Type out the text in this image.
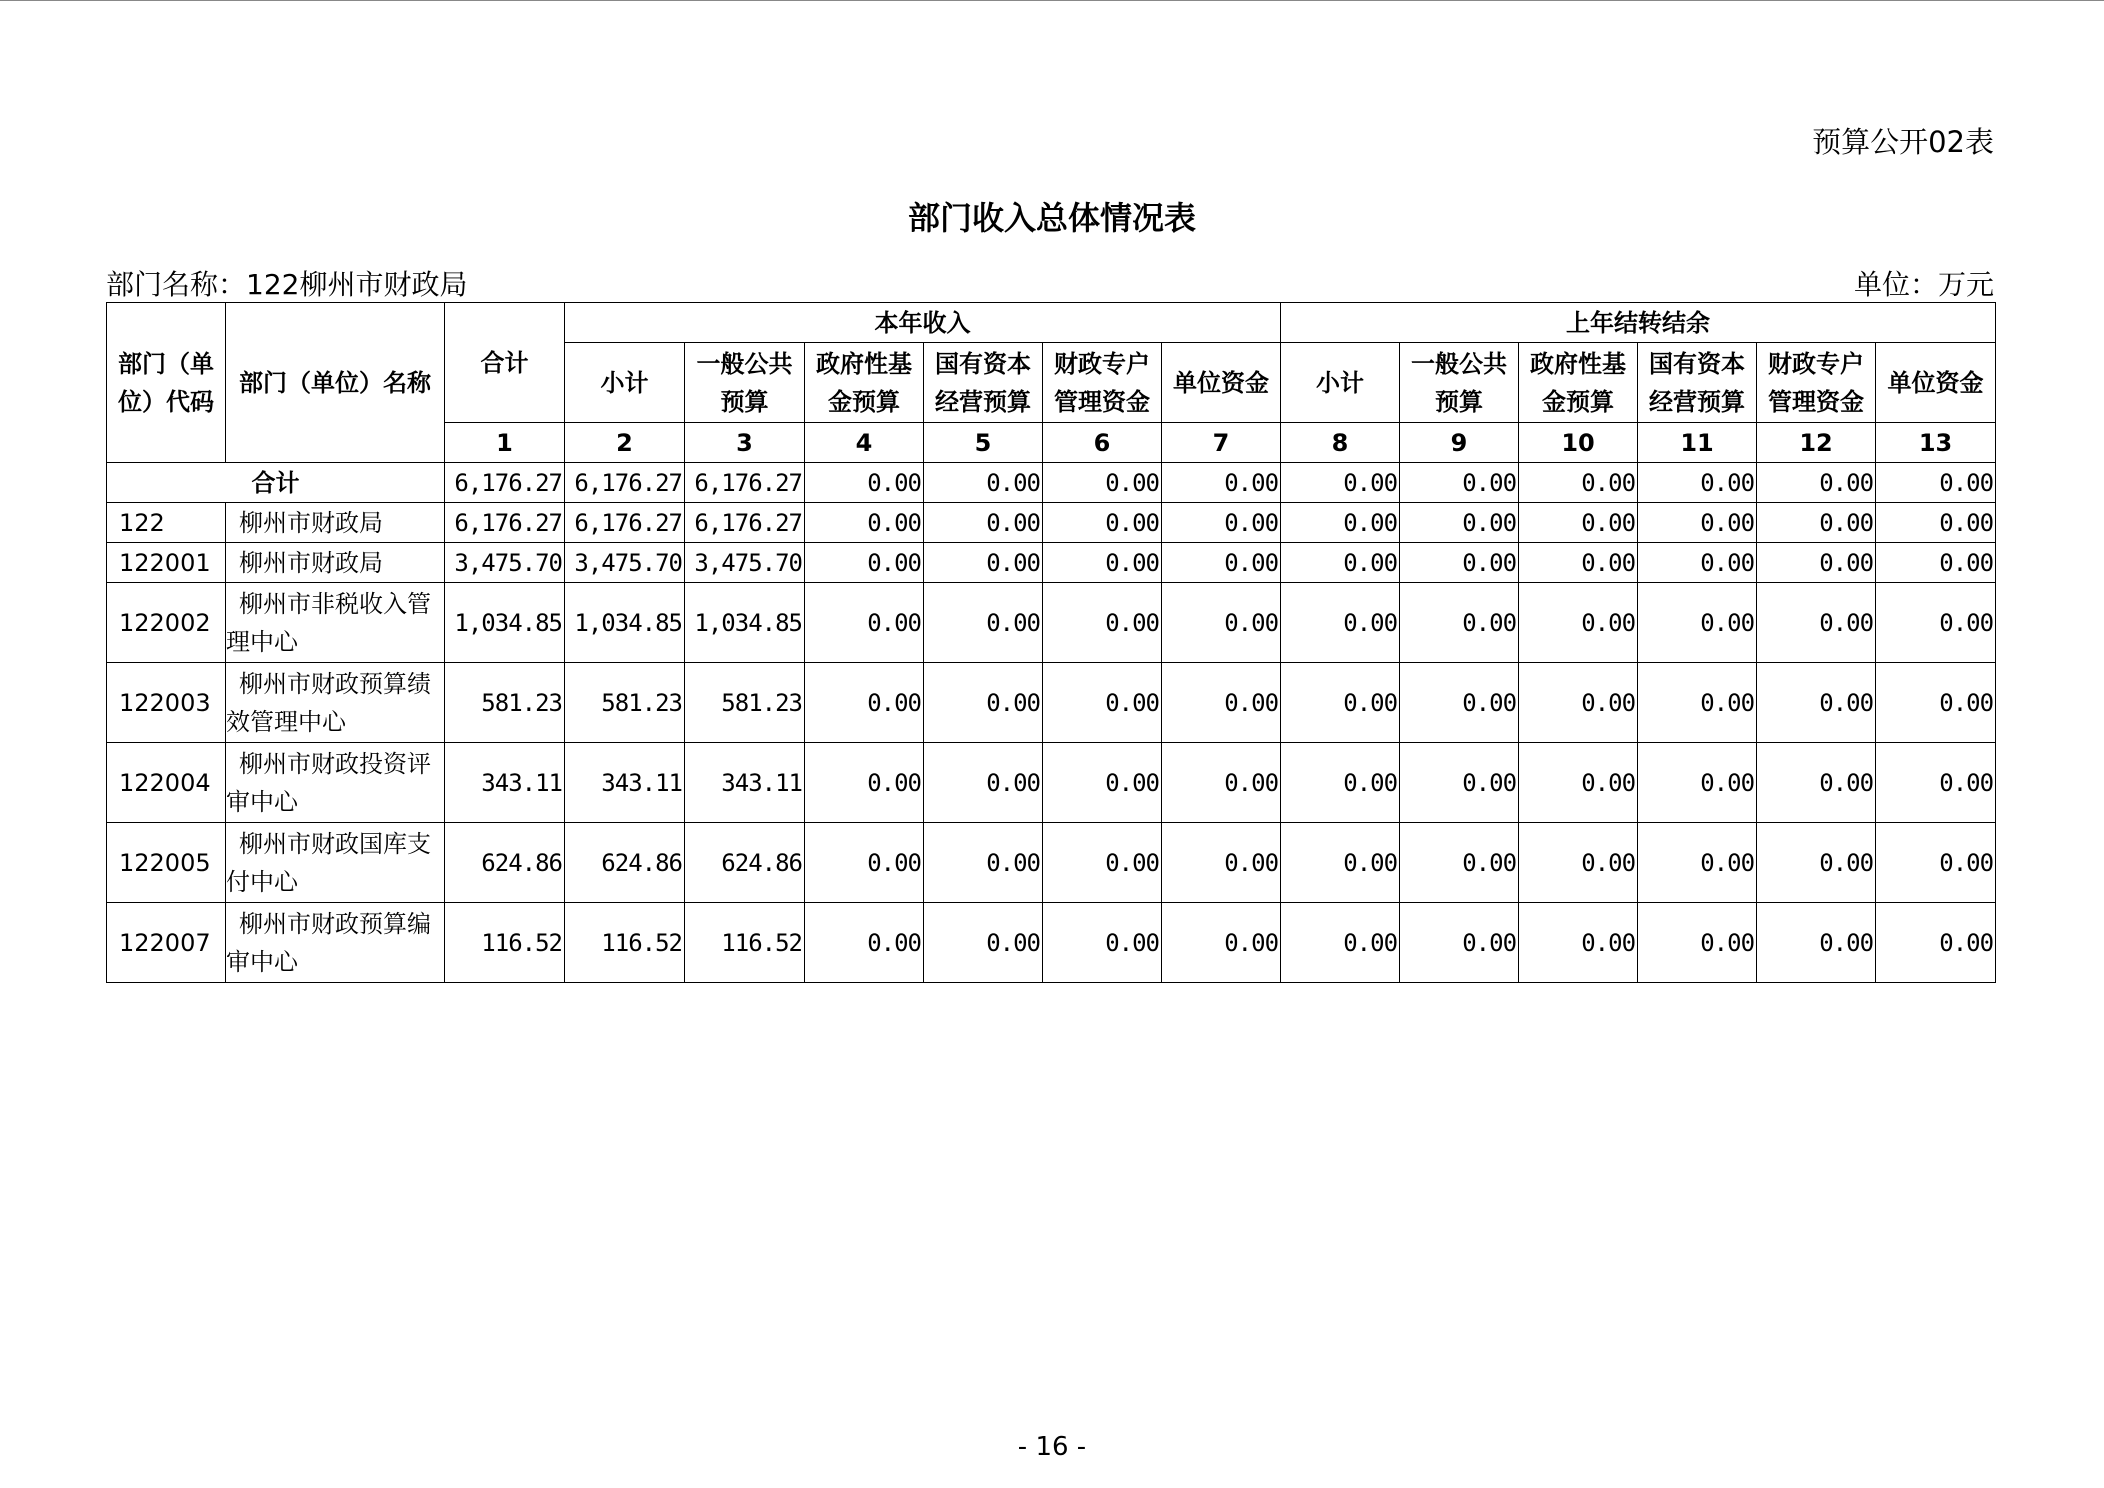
预算公开02表
部门收入总体情况表
部门名称：122柳州市财政局	单位：万元
部门（单位）代码	部门（单位）名称	合计	本年收入						上年结转结余					
			小计	一般公共预算	政府性基金预算	国有资本经营预算	财政专户管理资金	单位资金	小计	一般公共预算	政府性基金预算	国有资本经营预算	财政专户管理资金	单位资金
		1	2	3	4	5	6	7	8	9	10	11	12	13
合计		6,176.27	6,176.27	6,176.27	0.00	0.00	0.00	0.00	0.00	0.00	0.00	0.00	0.00	0.00
122	柳州市财政局	6,176.27	6,176.27	6,176.27	0.00	0.00	0.00	0.00	0.00	0.00	0.00	0.00	0.00	0.00
122001	柳州市财政局	3,475.70	3,475.70	3,475.70	0.00	0.00	0.00	0.00	0.00	0.00	0.00	0.00	0.00	0.00
122002	柳州市非税收入管理中心	1,034.85	1,034.85	1,034.85	0.00	0.00	0.00	0.00	0.00	0.00	0.00	0.00	0.00	0.00
122003	柳州市财政预算绩效管理中心	581.23	581.23	581.23	0.00	0.00	0.00	0.00	0.00	0.00	0.00	0.00	0.00	0.00
122004	柳州市财政投资评审中心	343.11	343.11	343.11	0.00	0.00	0.00	0.00	0.00	0.00	0.00	0.00	0.00	0.00
122005	柳州市财政国库支付中心	624.86	624.86	624.86	0.00	0.00	0.00	0.00	0.00	0.00	0.00	0.00	0.00	0.00
122007	柳州市财政预算编审中心	116.52	116.52	116.52	0.00	0.00	0.00	0.00	0.00	0.00	0.00	0.00	0.00	0.00
- 16 -
